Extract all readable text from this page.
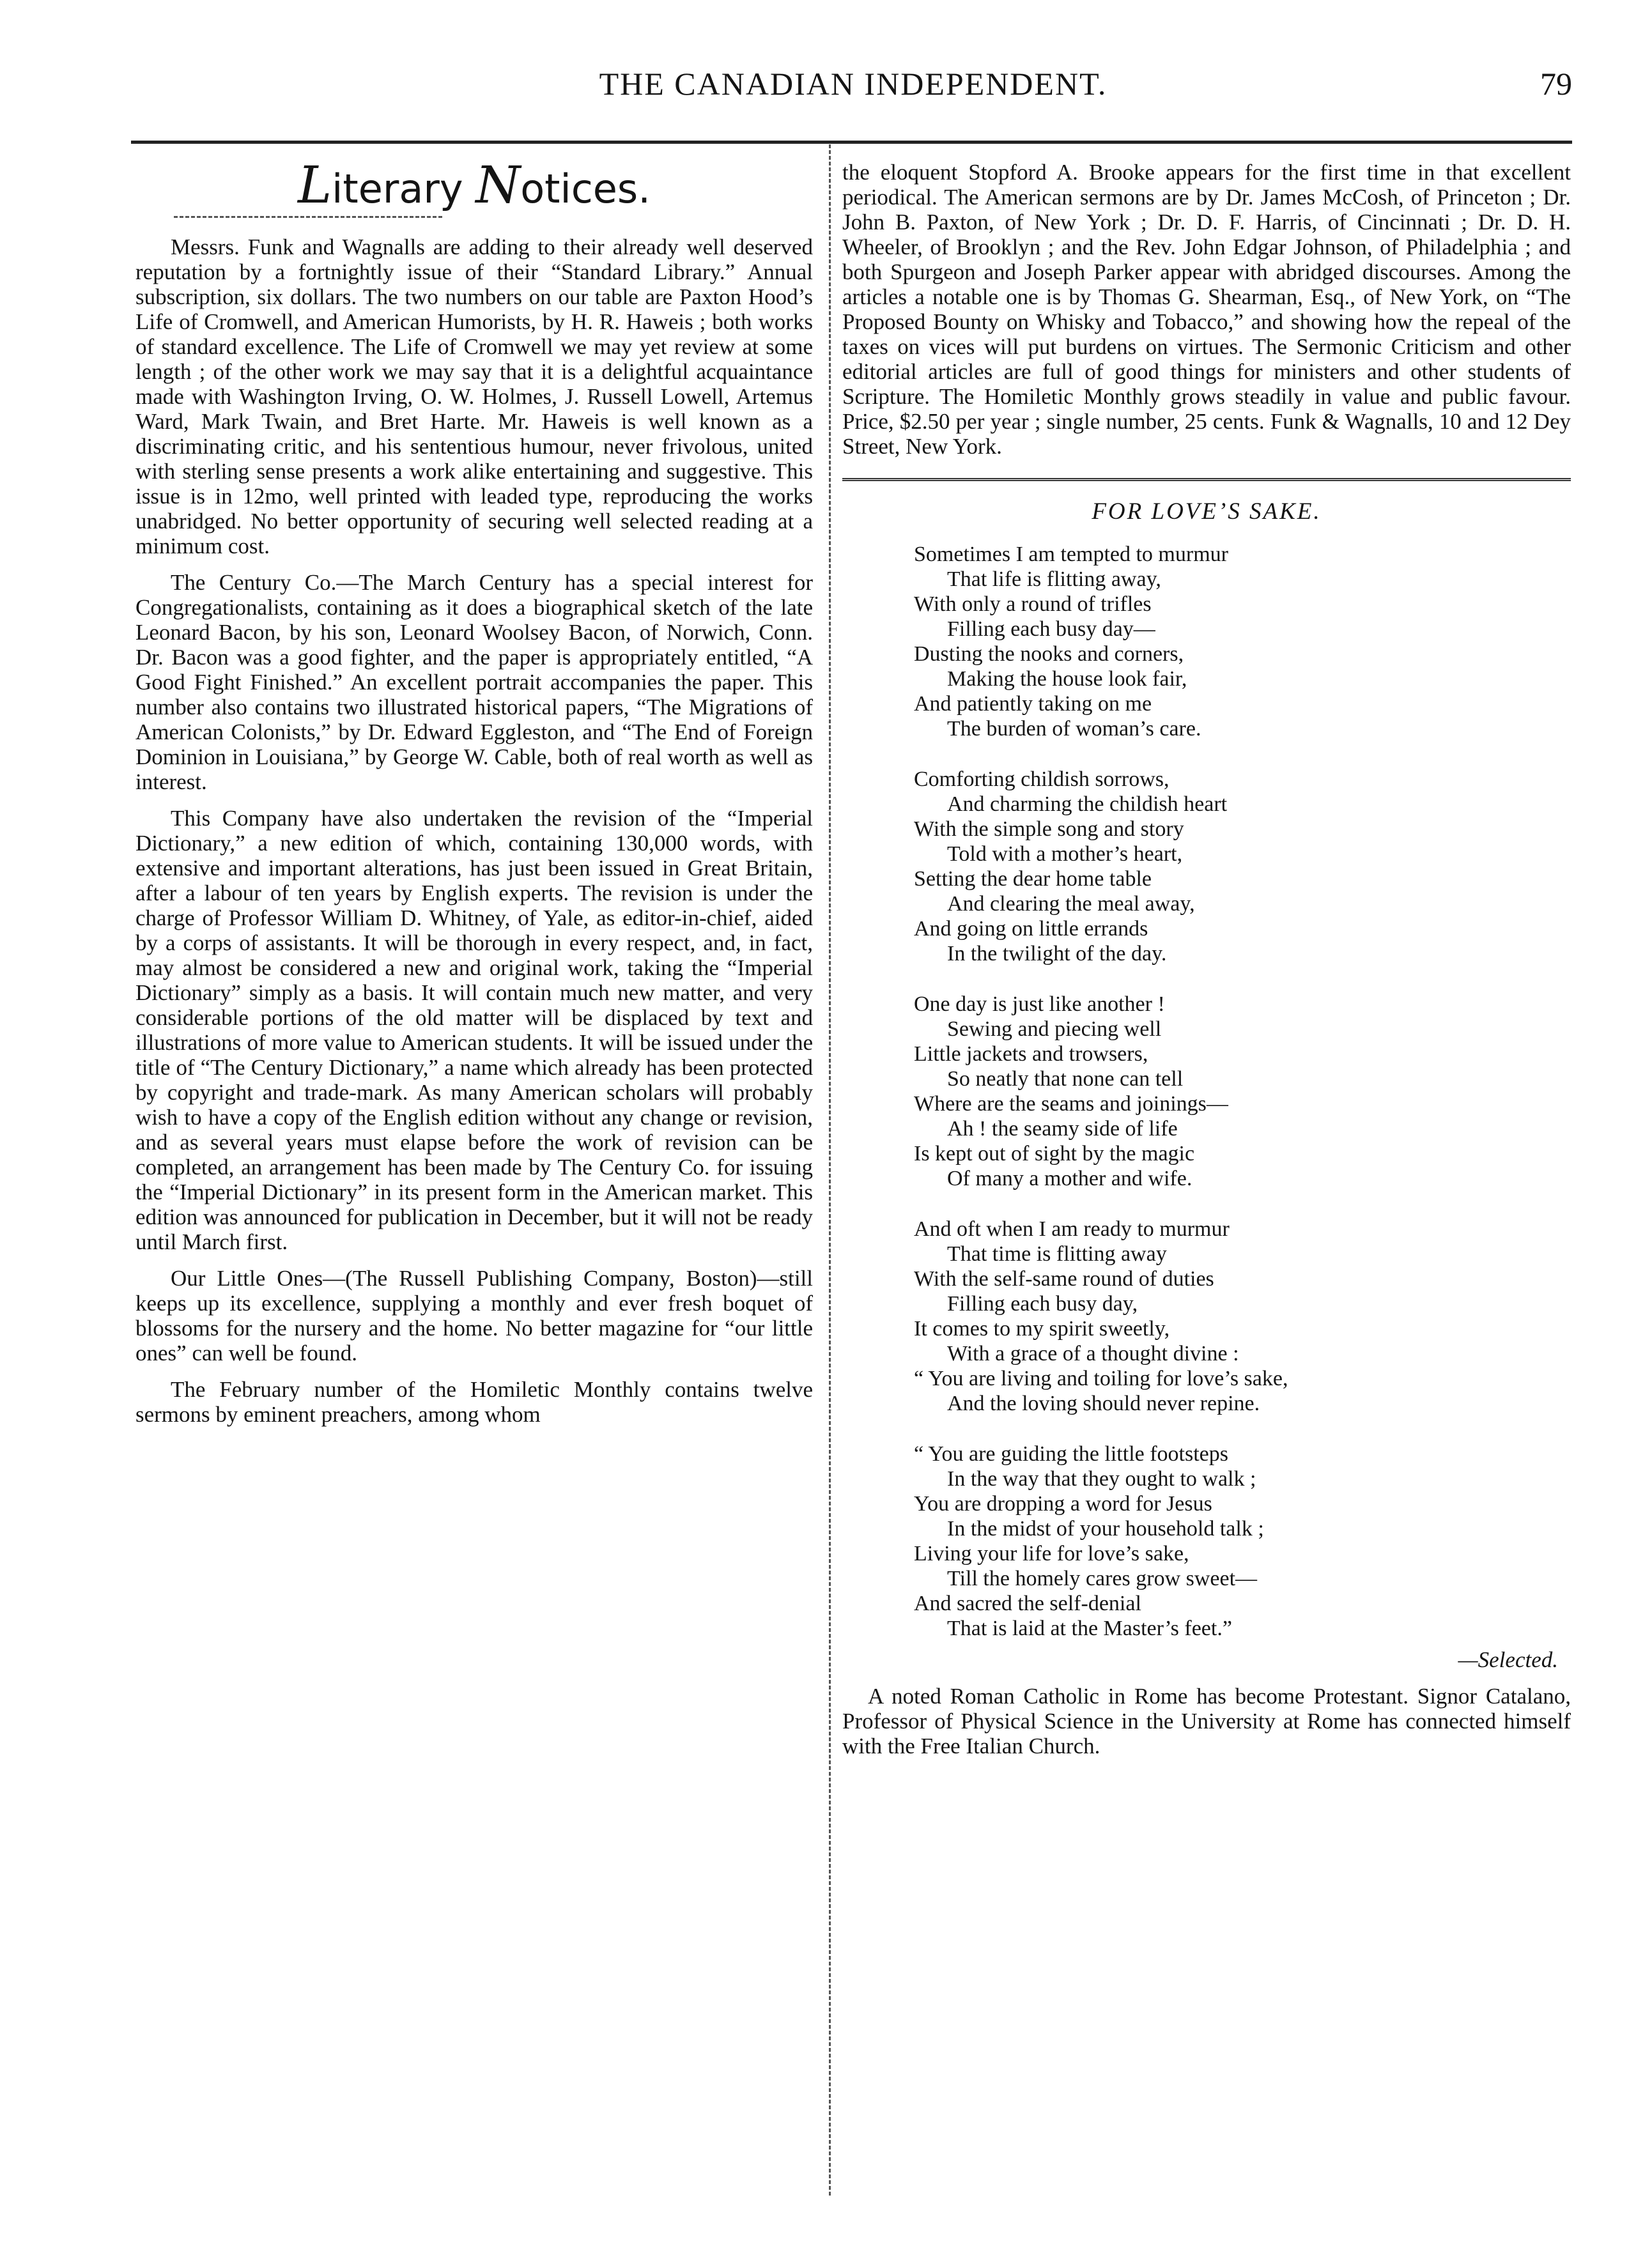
THE CANADIAN INDEPENDENT.	79
Literary Notices.

Messrs. Funk and Wagnalls are adding to their already well deserved reputation by a fortnightly issue of their “Standard Library.” Annual subscription, six dollars. The two numbers on our table are Paxton Hood’s Life of Cromwell, and American Humorists, by H. R. Haweis ; both works of standard excellence. The Life of Cromwell we may yet review at some length ; of the other work we may say that it is a delightful acquaintance made with Washington Irving, O. W. Holmes, J. Russell Lowell, Artemus Ward, Mark Twain, and Bret Harte. Mr. Haweis is well known as a discriminating critic, and his sententious humour, never frivolous, united with sterling sense presents a work alike entertaining and suggestive. This issue is in 12mo, well printed with leaded type, reproducing the works unabridged. No better opportunity of securing well selected reading at a minimum cost.

The Century Co.—The March Century has a special interest for Congregationalists, containing as it does a biographical sketch of the late Leonard Bacon, by his son, Leonard Woolsey Bacon, of Norwich, Conn. Dr. Bacon was a good fighter, and the paper is appropriately entitled, “A Good Fight Finished.” An excellent portrait accompanies the paper. This number also contains two illustrated historical papers, “The Migrations of American Colonists,” by Dr. Edward Eggleston, and “The End of Foreign Dominion in Louisiana,” by George W. Cable, both of real worth as well as interest.

This Company have also undertaken the revision of the “Imperial Dictionary,” a new edition of which, containing 130,000 words, with extensive and important alterations, has just been issued in Great Britain, after a labour of ten years by English experts. The revision is under the charge of Professor William D. Whitney, of Yale, as editor-in-chief, aided by a corps of assistants. It will be thorough in every respect, and, in fact, may almost be considered a new and original work, taking the “Imperial Dictionary” simply as a basis. It will contain much new matter, and very considerable portions of the old matter will be displaced by text and illustrations of more value to American students. It will be issued under the title of “The Century Dictionary,” a name which already has been protected by copyright and trade-mark. As many American scholars will probably wish to have a copy of the English edition without any change or revision, and as several years must elapse before the work of revision can be completed, an arrangement has been made by The Century Co. for issuing the “Imperial Dictionary” in its present form in the American market. This edition was announced for publication in December, but it will not be ready until March first.

Our Little Ones—(The Russell Publishing Company, Boston)—still keeps up its excellence, supplying a monthly and ever fresh boquet of blossoms for the nursery and the home. No better magazine for “our little ones” can well be found.

The February number of the Homiletic Monthly contains twelve sermons by eminent preachers, among whom

the eloquent Stopford A. Brooke appears for the first time in that excellent periodical. The American sermons are by Dr. James McCosh, of Princeton ; Dr. John B. Paxton, of New York ; Dr. D. F. Harris, of Cincinnati ; Dr. D. H. Wheeler, of Brooklyn ; and the Rev. John Edgar Johnson, of Philadelphia ; and both Spurgeon and Joseph Parker appear with abridged discourses. Among the articles a notable one is by Thomas G. Shearman, Esq., of New York, on “The Proposed Bounty on Whisky and Tobacco,” and showing how the repeal of the taxes on vices will put burdens on virtues. The Sermonic Criticism and other editorial articles are full of good things for ministers and other students of Scripture. The Homiletic Monthly grows steadily in value and public favour. Price, $2.50 per year ; single number, 25 cents. Funk & Wagnalls, 10 and 12 Dey Street, New York.

FOR LOVE’S SAKE.
Sometimes I am tempted to murmur
That life is flitting away,
With only a round of trifles
Filling each busy day—
Dusting the nooks and corners,
Making the house look fair,
And patiently taking on me
The burden of woman’s care.
Comforting childish sorrows,
And charming the childish heart
With the simple song and story
Told with a mother’s heart,
Setting the dear home table
And clearing the meal away,
And going on little errands
In the twilight of the day.
One day is just like another !
Sewing and piecing well
Little jackets and trowsers,
So neatly that none can tell
Where are the seams and joinings—
Ah ! the seamy side of life
Is kept out of sight by the magic
Of many a mother and wife.
And oft when I am ready to murmur
That time is flitting away
With the self-same round of duties
Filling each busy day,
It comes to my spirit sweetly,
With a grace of a thought divine :
“ You are living and toiling for love’s sake,
And the loving should never repine.
“ You are guiding the little footsteps
In the way that they ought to walk ;
You are dropping a word for Jesus
In the midst of your household talk ;
Living your life for love’s sake,
Till the homely cares grow sweet—
And sacred the self-denial
That is laid at the Master’s feet.”
—Selected.

A noted Roman Catholic in Rome has become Protestant. Signor Catalano, Professor of Physical Science in the University at Rome has connected himself with the Free Italian Church.
